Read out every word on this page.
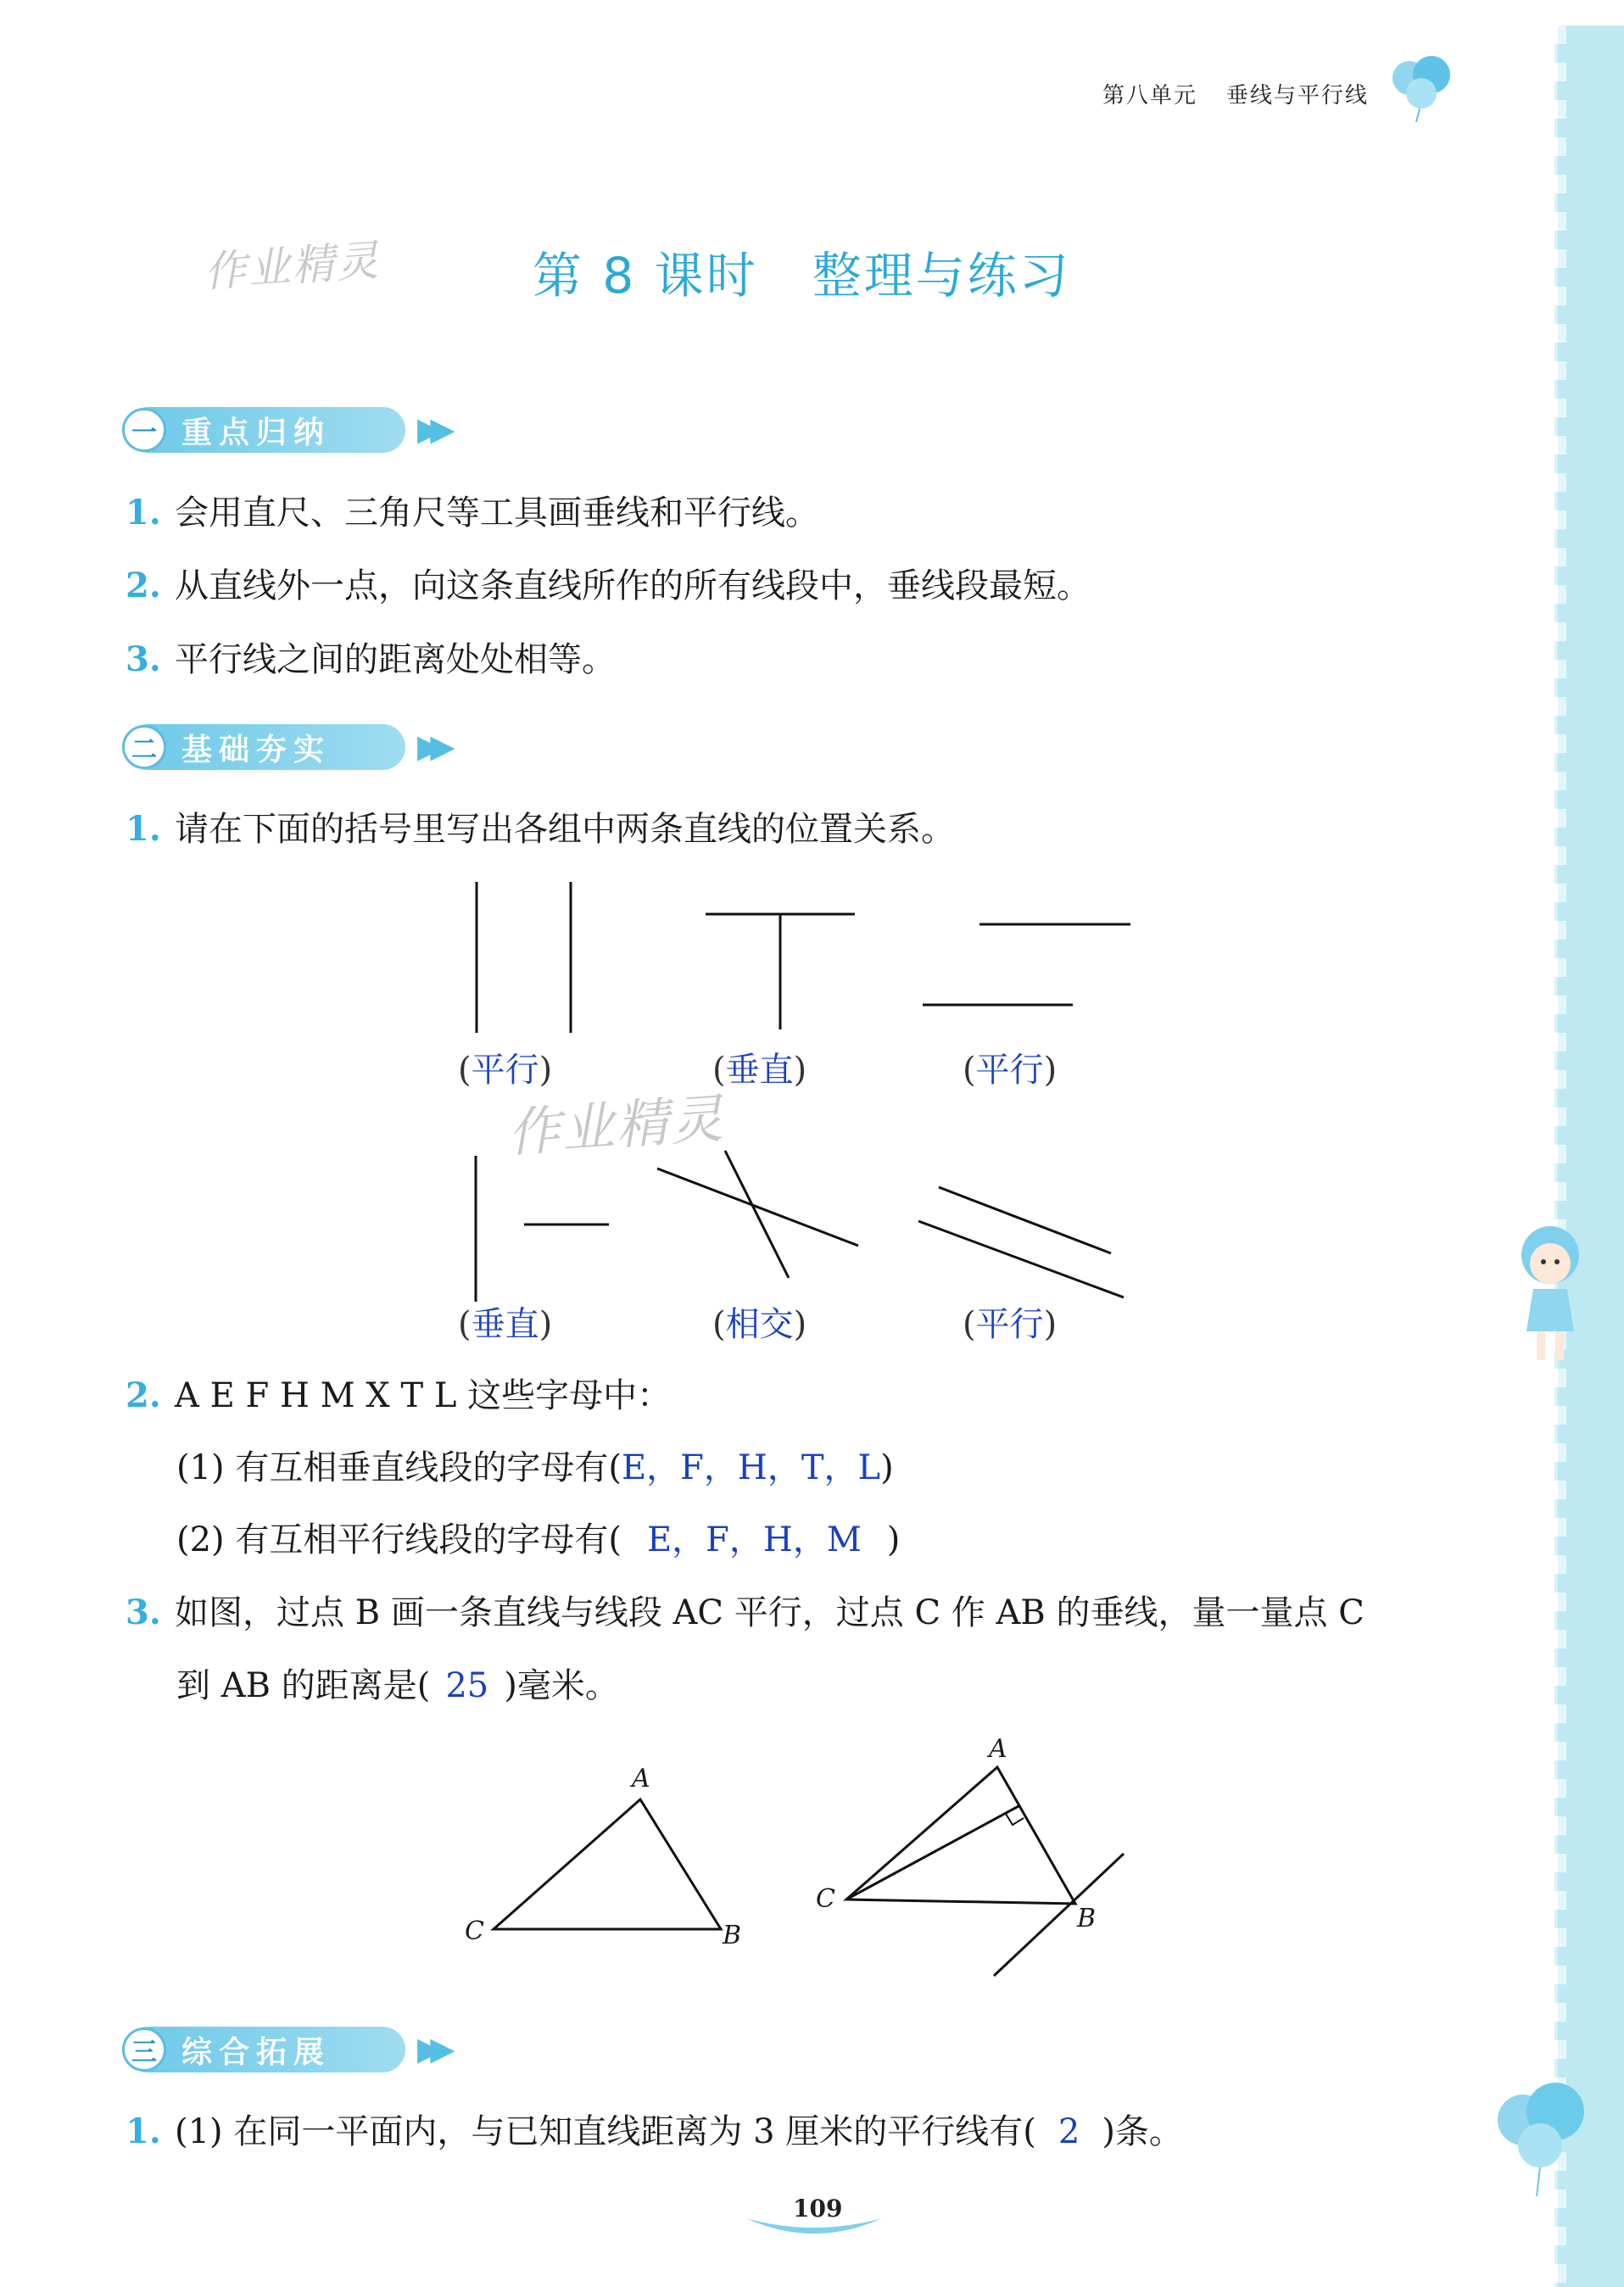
第八单元 垂线与平行线
作业精灵	第 8 课时 整理与练习
一 重点归纳	▶▶
1. 会用直尺、三角尺等工具画垂线和平行线。
2. 从直线外一点，向这条直线所作的所有线段中，垂线段最短。
3. 平行线之间的距离处处相等。
二 基础夯实	▶▶
1. 请在下面的括号里写出各组中两条直线的位置关系。
(平行)	(垂直)	(平行)
作业精灵
(垂直)	(相交)	(平行)
2. A E F H M X T L 这些字母中：
(1) 有互相垂直线段的字母有(E，F，H，T，L)
(2) 有互相平行线段的字母有( E，F，H，M )
3. 如图，过点 B 画一条直线与线段 AC 平行，过点 C 作 AB 的垂线，量一量点 C
到 AB 的距离是( 25 )毫米。
A
C	B
A
C
B
三 综合拓展	▶▶
1. (1) 在同一平面内，与已知直线距离为 3 厘米的平行线有( 2 )条。
109
